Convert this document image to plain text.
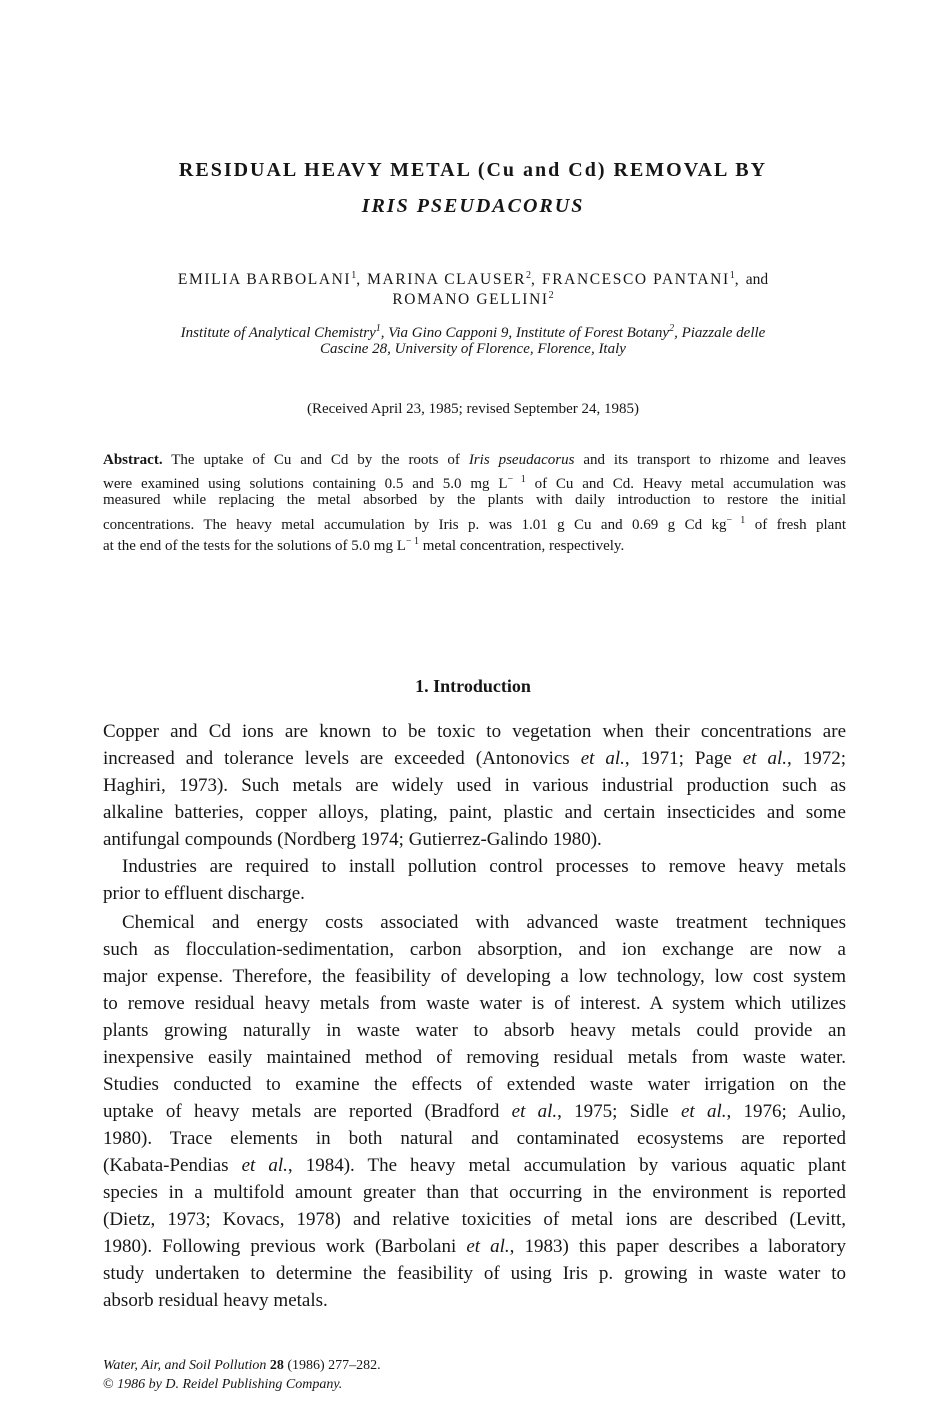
RESIDUAL HEAVY METAL (Cu and Cd) REMOVAL BY
IRIS PSEUDACORUS
EMILIA BARBOLANI$^1$, MARINA CLAUSER$^2$, FRANCESCO PANTANI$^1$, and
ROMANO GELLINI$^2$
Institute of Analytical Chemistry$^1$, Via Gino Capponi 9, Institute of Forest Botany$^2$, Piazzale delle
Cascine 28, University of Florence, Florence, Italy
(Received April 23, 1985; revised September 24, 1985)
Abstract. The uptake of Cu and Cd by the roots of Iris pseudacorus and its transport to rhizome and leaves
were examined using solutions containing 0.5 and 5.0 mg $L^{- 1}$ of Cu and Cd. Heavy metal accumulation was
measured while replacing the metal absorbed by the plants with daily introduction to restore the initial
concentrations. The heavy metal accumulation by Iris p. was 1.01 g Cu and 0.69 g Cd $kg^{- 1}$ of fresh plant
at the end of the tests for the solutions of 5.0 mg $L^{- 1}$ metal concentration, respectively.
1. Introduction
Copper and Cd ions are known to be toxic to vegetation when their concentrations are
increased and tolerance levels are exceeded (Antonovics et al., 1971; Page et al., 1972;
Haghiri, 1973). Such metals are widely used in various industrial production such as
alkaline batteries, copper alloys, plating, paint, plastic and certain insecticides and some
antifungal compounds (Nordberg 1974; Gutierrez-Galindo 1980).
Industries are required to install pollution control processes to remove heavy metals
prior to effluent discharge.
Chemical and energy costs associated with advanced waste treatment techniques
such as flocculation-sedimentation, carbon absorption, and ion exchange are now a
major expense. Therefore, the feasibility of developing a low technology, low cost system
to remove residual heavy metals from waste water is of interest. A system which utilizes
plants growing naturally in waste water to absorb heavy metals could provide an
inexpensive easily maintained method of removing residual metals from waste water.
Studies conducted to examine the effects of extended waste water irrigation on the
uptake of heavy metals are reported (Bradford et al., 1975; Sidle et al., 1976; Aulio,
1980). Trace elements in both natural and contaminated ecosystems are reported
(Kabata-Pendias et al., 1984). The heavy metal accumulation by various aquatic plant
species in a multifold amount greater than that occurring in the environment is reported
(Dietz, 1973; Kovacs, 1978) and relative toxicities of metal ions are described (Levitt,
1980). Following previous work (Barbolani et al., 1983) this paper describes a laboratory
study undertaken to determine the feasibility of using Iris p. growing in waste water to
absorb residual heavy metals.
Water, Air, and Soil Pollution 28 (1986) 277–282.
© 1986 by D. Reidel Publishing Company.
